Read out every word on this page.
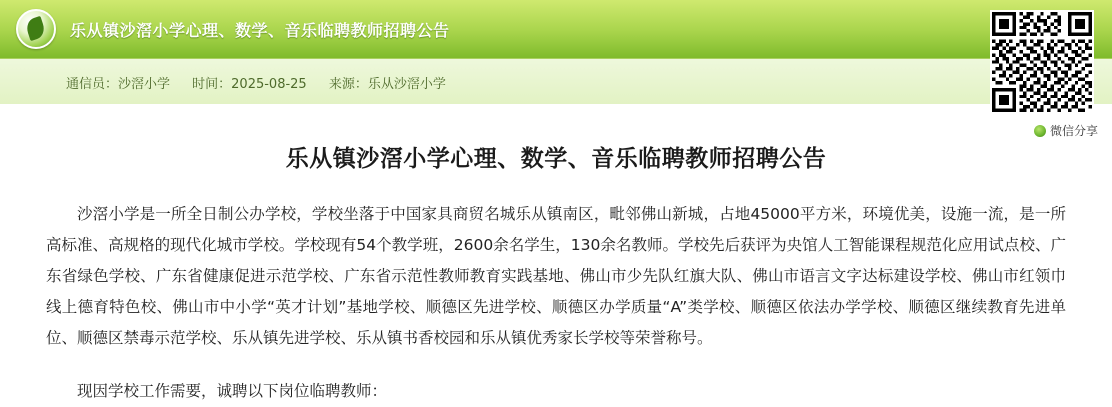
乐从镇沙滘小学心理、数学、音乐临聘教师招聘公告
通信员：沙滘小学 时间：2025-08-25 来源：乐从沙滘小学
微信分享
乐从镇沙滘小学心理、数学、音乐临聘教师招聘公告

沙滘小学是一所全日制公办学校，学校坐落于中国家具商贸名城乐从镇南区，毗邻佛山新城，占地45000平方米，环境优美，设施一流，是一所高标准、高规格的现代化城市学校。学校现有54个教学班，2600余名学生，130余名教师。学校先后获评为央馆人工智能课程规范化应用试点校、广东省绿色学校、广东省健康促进示范学校、广东省示范性教师教育实践基地、佛山市少先队红旗大队、佛山市语言文字达标建设学校、佛山市红领巾线上德育特色校、佛山市中小学“英才计划”基地学校、顺德区先进学校、顺德区办学质量“A”类学校、顺德区依法办学学校、顺德区继续教育先进单位、顺德区禁毒示范学校、乐从镇先进学校、乐从镇书香校园和乐从镇优秀家长学校等荣誉称号。

现因学校工作需要，诚聘以下岗位临聘教师：
